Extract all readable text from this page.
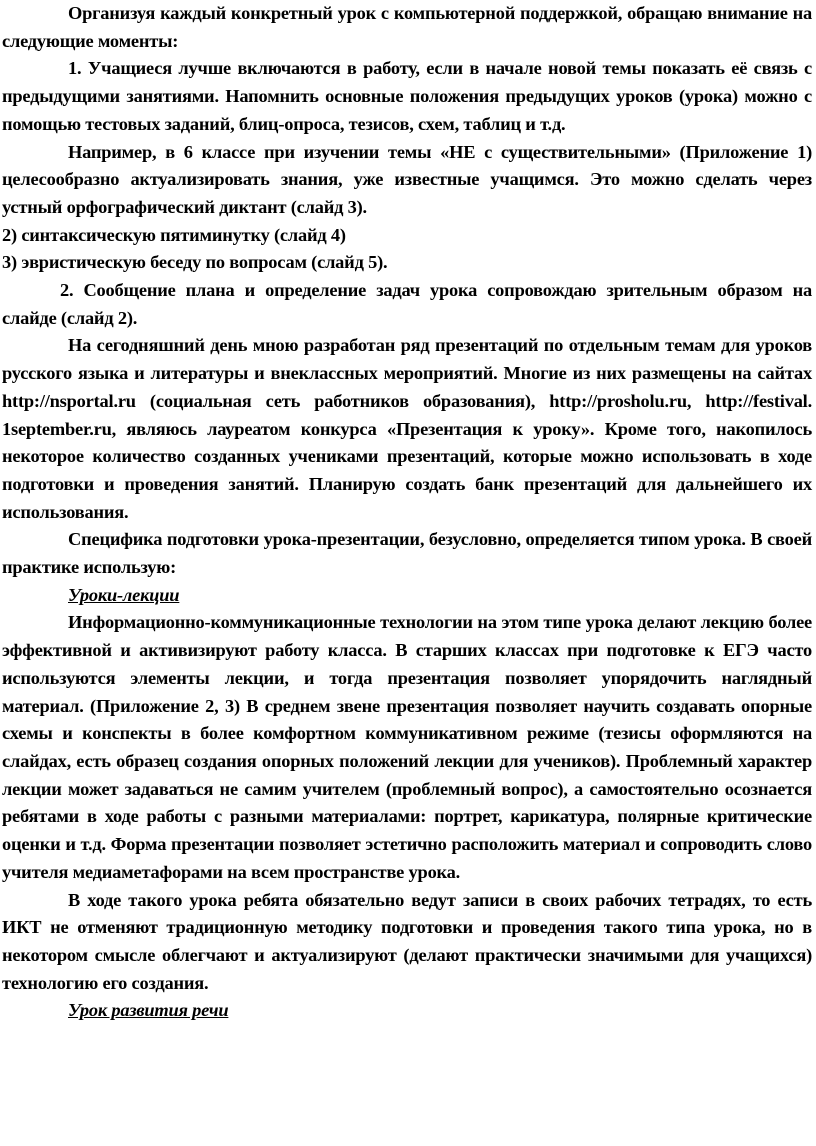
Организуя каждый конкретный урок с компьютерной поддержкой, обращаю внимание на следующие моменты:

1. Учащиеся лучше включаются в работу, если в начале новой темы показать её связь с предыдущими занятиями. Напомнить основные положения предыдущих уроков (урока) можно с помощью тестовых заданий, блиц-опроса, тезисов, схем, таблиц и т.д.

Например, в 6 классе при изучении темы «НЕ с существительными» (Приложение 1) целесообразно актуализировать знания, уже известные учащимся. Это можно сделать через устный орфографический диктант (слайд 3).

2) синтаксическую пятиминутку (слайд 4)

3) эвристическую беседу по вопросам (слайд 5).

2. Сообщение плана и определение задач урока сопровождаю зрительным образом на слайде (слайд 2).

На сегодняшний день мною разработан ряд презентаций по отдельным темам для уроков русского языка и литературы и внеклассных мероприятий. Многие из них размещены на сайтах http://nsportal.ru (социальная сеть работников образования), http://prosholu.ru, http://festival. 1september.ru, являюсь лауреатом конкурса «Презентация к уроку». Кроме того, накопилось некоторое количество созданных учениками презентаций, которые можно использовать в ходе подготовки и проведения занятий. Планирую создать банк презентаций для дальнейшего их использования.

Специфика подготовки урока-презентации, безусловно, определяется типом урока. В своей практике использую:

Уроки-лекции

Информационно-коммуникационные технологии на этом типе урока делают лекцию более эффективной и активизируют работу класса. В старших классах при подготовке к ЕГЭ часто используются элементы лекции, и тогда презентация позволяет упорядочить наглядный материал. (Приложение 2, 3) В среднем звене презентация позволяет научить создавать опорные схемы и конспекты в более комфортном коммуникативном режиме (тезисы оформляются на слайдах, есть образец создания опорных положений лекции для учеников). Проблемный характер лекции может задаваться не самим учителем (проблемный вопрос), а самостоятельно осознается ребятами в ходе работы с разными материалами: портрет, карикатура, полярные критические оценки и т.д. Форма презентации позволяет эстетично расположить материал и сопроводить слово учителя медиаметафорами на всем пространстве урока.

В ходе такого урока ребята обязательно ведут записи в своих рабочих тетрадях, то есть ИКТ не отменяют традиционную методику подготовки и проведения такого типа урока, но в некотором смысле облегчают и актуализируют (делают практически значимыми для учащихся) технологию его создания.

Урок развития речи
